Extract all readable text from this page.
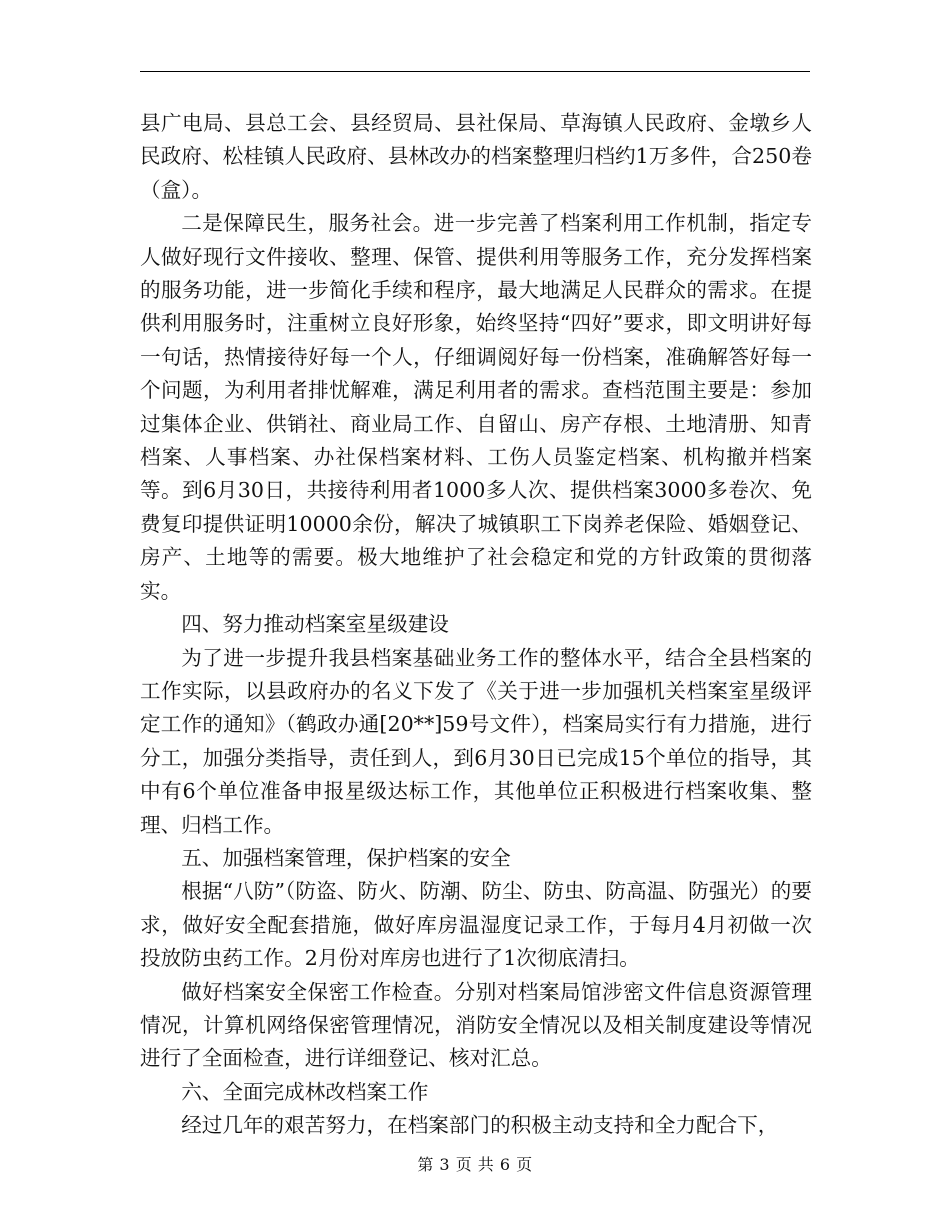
县广电局、县总工会、县经贸局、县社保局、草海镇人民政府、金墩乡人民政府、松桂镇人民政府、县林改办的档案整理归档约1万多件，合250卷（盒）。

二是保障民生，服务社会。进一步完善了档案利用工作机制，指定专人做好现行文件接收、整理、保管、提供利用等服务工作，充分发挥档案的服务功能，进一步简化手续和程序，最大地满足人民群众的需求。在提供利用服务时，注重树立良好形象，始终坚持“四好”要求，即文明讲好每一句话，热情接待好每一个人，仔细调阅好每一份档案，准确解答好每一个问题，为利用者排忧解难，满足利用者的需求。查档范围主要是：参加过集体企业、供销社、商业局工作、自留山、房产存根、土地清册、知青档案、人事档案、办社保档案材料、工伤人员鉴定档案、机构撤并档案等。到6月30日，共接待利用者1000多人次、提供档案3000多卷次、免费复印提供证明10000余份，解决了城镇职工下岗养老保险、婚姻登记、房产、土地等的需要。极大地维护了社会稳定和党的方针政策的贯彻落实。

四、努力推动档案室星级建设

为了进一步提升我县档案基础业务工作的整体水平，结合全县档案的工作实际，以县政府办的名义下发了《关于进一步加强机关档案室星级评定工作的通知》（鹤政办通[20**]59号文件），档案局实行有力措施，进行分工，加强分类指导，责任到人，到6月30日已完成15个单位的指导，其中有6个单位准备申报星级达标工作，其他单位正积极进行档案收集、整理、归档工作。

五、加强档案管理，保护档案的安全

根据“八防”（防盗、防火、防潮、防尘、防虫、防高温、防强光）的要求，做好安全配套措施，做好库房温湿度记录工作，于每月4月初做一次投放防虫药工作。2月份对库房也进行了1次彻底清扫。

做好档案安全保密工作检查。分别对档案局馆涉密文件信息资源管理情况，计算机网络保密管理情况，消防安全情况以及相关制度建设等情况进行了全面检查，进行详细登记、核对汇总。

六、全面完成林改档案工作

经过几年的艰苦努力，在档案部门的积极主动支持和全力配合下，

第 3 页 共 6 页
